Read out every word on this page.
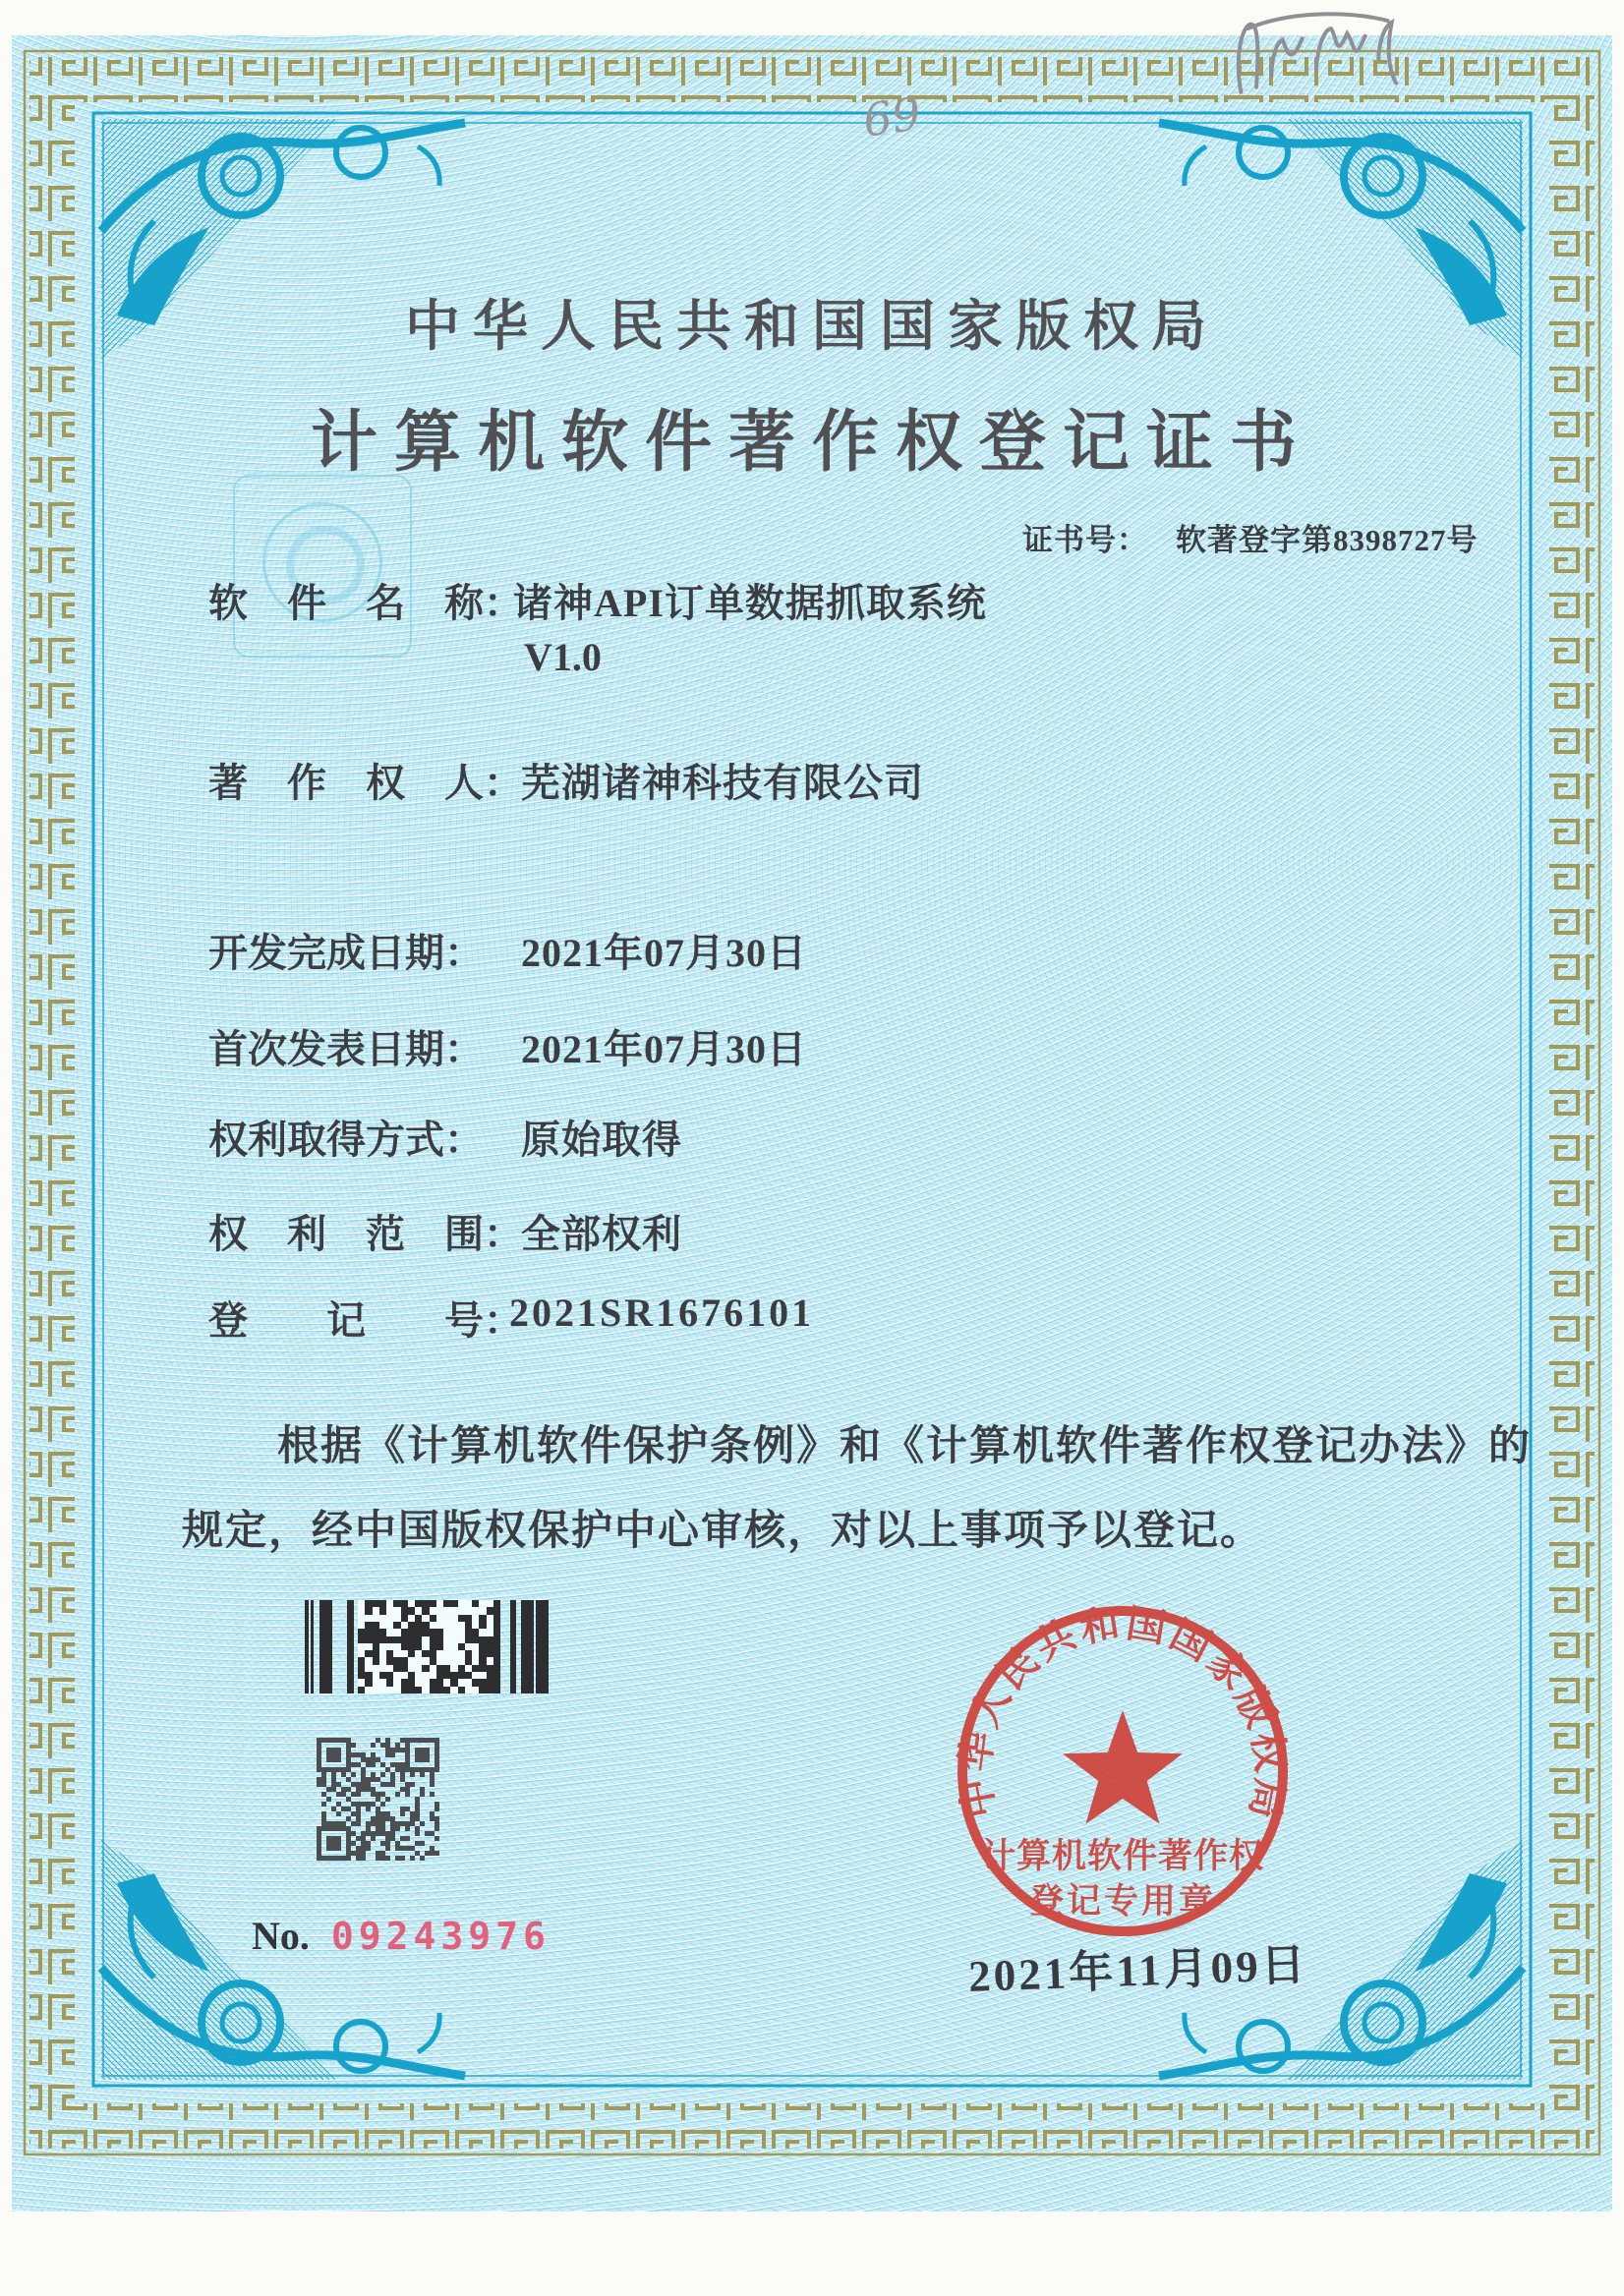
中华人民共和国国家版权局
计算机软件著作权登记证书
证书号： 软著登字第8398727号
软　件　名　称：
诸神API订单数据抓取系统
V1.0
著　作　权　人：
芜湖诸神科技有限公司
开发完成日期： 2021年07月30日
首次发表日期： 2021年07月30日
权利取得方式： 原始取得
权　利　范　围：
全部权利
登　　记　　号：
2021SR1676101
根据《计算机软件保护条例》和《计算机软件著作权登记办法》的
规定，经中国版权保护中心审核，对以上事项予以登记。
No. 09243976
中华人民共和国国家版权局
计算机软件著作权
登记专用章
2021年11月09日
69
